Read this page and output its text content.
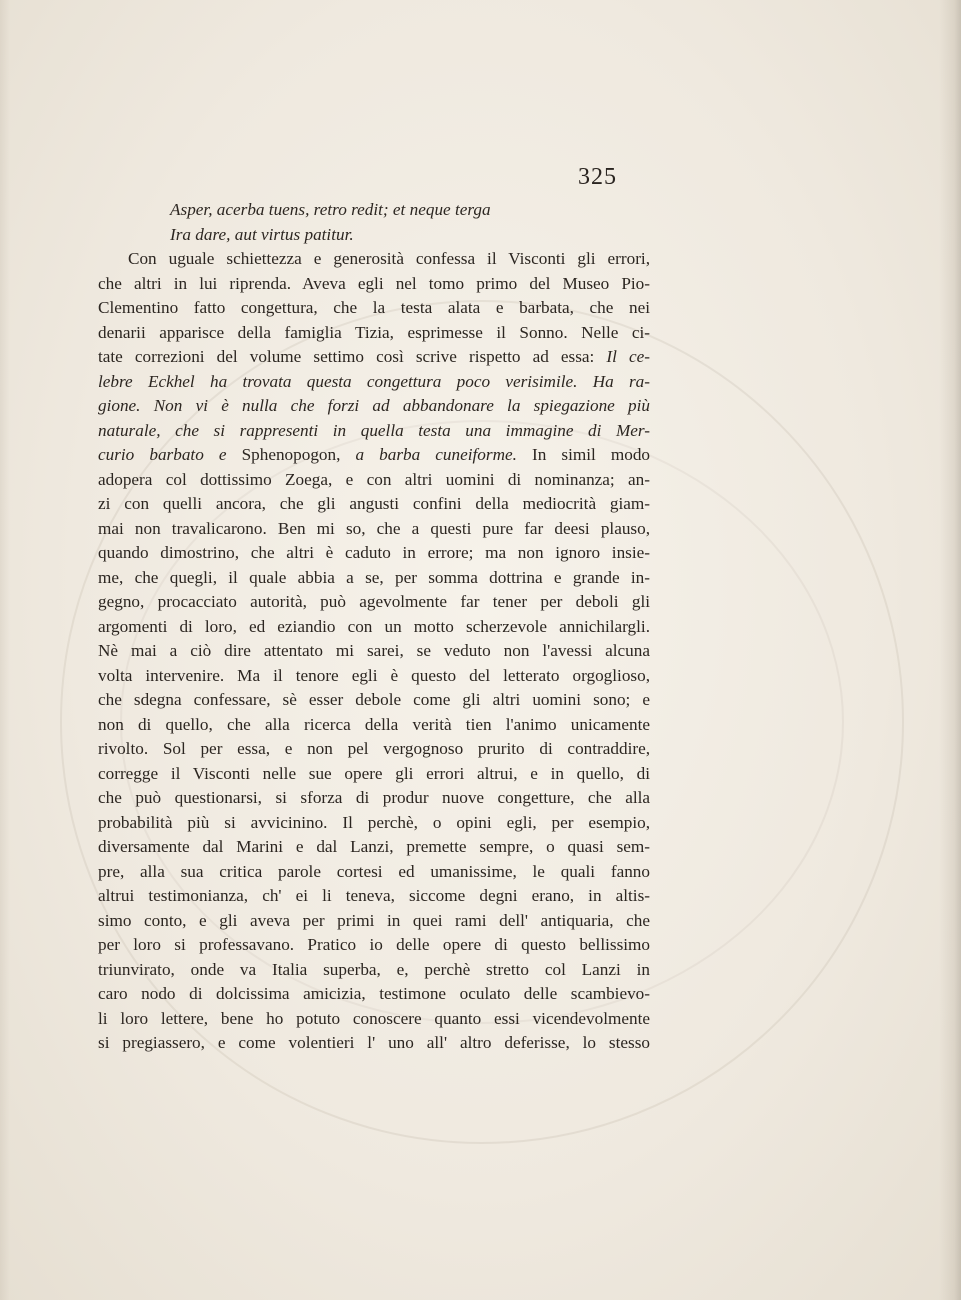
325
Asper, acerba tuens, retro redit; et neque terga
Ira dare, aut virtus patitur.
Con uguale schiettezza e generosità confessa il Visconti gli errori,
che altri in lui riprenda. Aveva egli nel tomo primo del Museo Pio-
Clementino fatto congettura, che la testa alata e barbata, che nei
denarii apparisce della famiglia Tizia, esprimesse il Sonno. Nelle ci-
tate correzioni del volume settimo così scrive rispetto ad essa: Il ce-
lebre Eckhel ha trovata questa congettura poco verisimile. Ha ra-
gione. Non vi è nulla che forzi ad abbandonare la spiegazione più
naturale, che si rappresenti in quella testa una immagine di Mer-
curio barbato e Sphenopogon, a barba cuneiforme. In simil modo
adopera col dottissimo Zoega, e con altri uomini di nominanza; an-
zi con quelli ancora, che gli angusti confini della mediocrità giam-
mai non travalicarono. Ben mi so, che a questi pure far deesi plauso,
quando dimostrino, che altri è caduto in errore; ma non ignoro insie-
me, che quegli, il quale abbia a se, per somma dottrina e grande in-
gegno, procacciato autorità, può agevolmente far tener per deboli gli
argomenti di loro, ed eziandio con un motto scherzevole annichilargli.
Nè mai a ciò dire attentato mi sarei, se veduto non l'avessi alcuna
volta intervenire. Ma il tenore egli è questo del letterato orgoglioso,
che sdegna confessare, sè esser debole come gli altri uomini sono; e
non di quello, che alla ricerca della verità tien l'animo unicamente
rivolto. Sol per essa, e non pel vergognoso prurito di contraddire,
corregge il Visconti nelle sue opere gli errori altrui, e in quello, di
che può questionarsi, si sforza di produr nuove congetture, che alla
probabilità più si avvicinino. Il perchè, o opini egli, per esempio,
diversamente dal Marini e dal Lanzi, premette sempre, o quasi sem-
pre, alla sua critica parole cortesi ed umanissime, le quali fanno
altrui testimonianza, ch' ei li teneva, siccome degni erano, in altis-
simo conto, e gli aveva per primi in quei rami dell' antiquaria, che
per loro si professavano. Pratico io delle opere di questo bellissimo
triunvirato, onde va Italia superba, e, perchè stretto col Lanzi in
caro nodo di dolcissima amicizia, testimone oculato delle scambievo-
li loro lettere, bene ho potuto conoscere quanto essi vicendevolmente
si pregiassero, e come volentieri l' uno all' altro deferisse, lo stesso
